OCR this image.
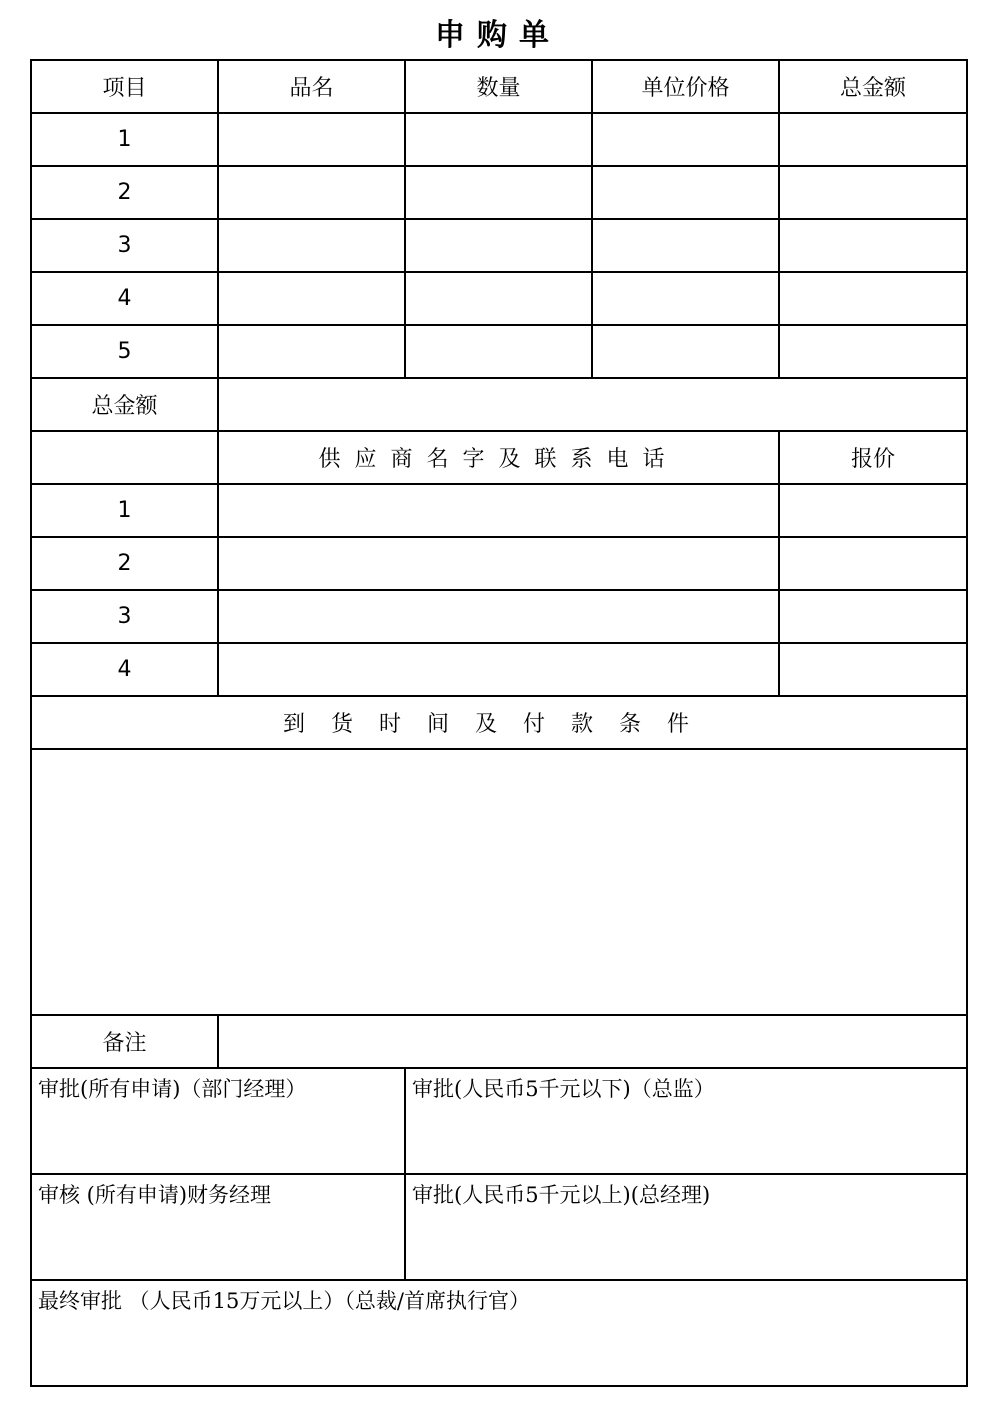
申购单
项目	品名	数量	单位价格	总金额
1				
2				
3				
4				
5				
总金额				
	供应商名字及联系电话			报价
1				
2				
3				
4				
到货时间及付款条件				

备注				
审批(所有申请)（部门经理）		审批(人民币5千元以下)（总监）		
审核 (所有申请)财务经理		审批(人民币5千元以上)(总经理)		
最终审批 （人民币15万元以上）（总裁/首席执行官）				
